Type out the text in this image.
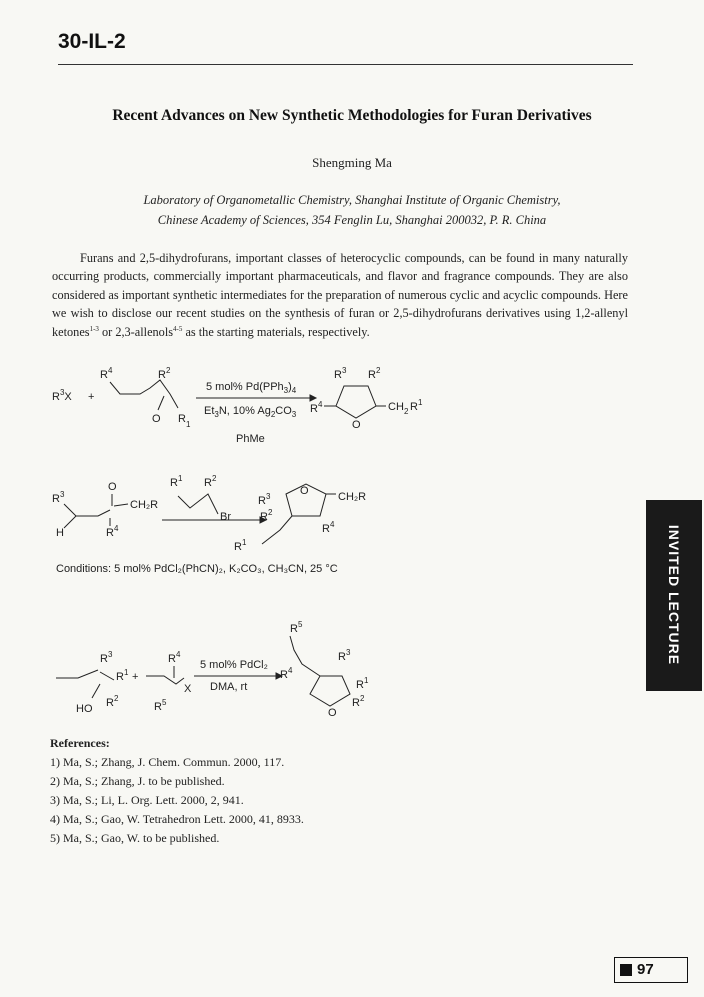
30-IL-2
Recent Advances on New Synthetic Methodologies for Furan Derivatives
Shengming Ma
Laboratory of Organometallic Chemistry, Shanghai Institute of Organic Chemistry,
Chinese Academy of Sciences, 354 Fenglin Lu, Shanghai 200032, P. R. China
Furans and 2,5-dihydrofurans, important classes of heterocyclic compounds, can be found in many naturally occurring products, commercially important pharmaceuticals, and flavor and fragrance compounds. They are also considered as important synthetic intermediates for the preparation of numerous cyclic and acyclic compounds. Here we wish to disclose our recent studies on the synthesis of furan or 2,5-dihydrofurans derivatives using 1,2-allenyl ketones$^{1-3}$ or 2,3-allenols$^{4-5}$ as the starting materials, respectively.
$R^3X$ +
R 4	R 2
O R 1
5 mol% $Pd(PPh_3)_4$
$Et_3N$, 10% $Ag_2CO_3$
PhMe
R 3 R 2
R 4
O
CH 2 R 1
R 3
H
O
CH₂R
R 4
R 1 R 2
Br
R 3	O	CH₂R
R 2
R 4
R 1
Conditions: 5 mol% PdCl₂(PhCN)₂, K₂CO₃, CH₃CN, 25 °C
R 3
R 1 +
HO R 2
R 4
X
R 5
5 mol% PdCl₂
DMA, rt
R 5
R 4
O
R 3
R 1
R 2
References:
1) Ma, S.; Zhang, J. Chem. Commun. 2000, 117.
2) Ma, S.; Zhang, J. to be published.
3) Ma, S.; Li, L. Org. Lett. 2000, 2, 941.
4) Ma, S.; Gao, W. Tetrahedron Lett. 2000, 41, 8933.
5) Ma, S.; Gao, W. to be published.
INVITED LECTURE
97
